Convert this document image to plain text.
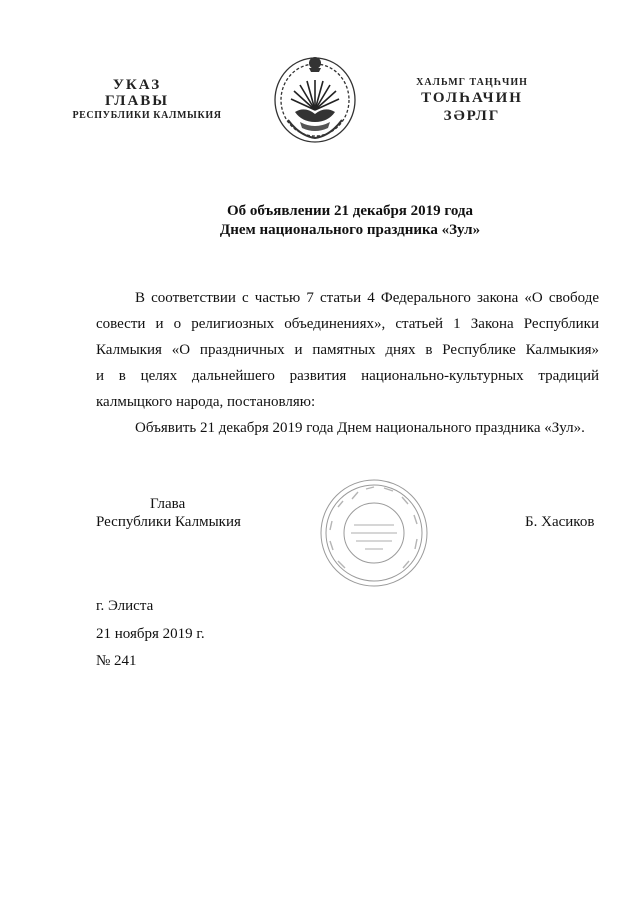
УКАЗ
ГЛАВЫ
РЕСПУБЛИКИ КАЛМЫКИЯ
ХАЛЬМГ ТАҢҺЧИН
ТОЛҺАЧИН
ЗӘРЛГ
Об объявлении 21 декабря 2019 года
Днем национального праздника «Зул»
В соответствии с частью 7 статьи 4 Федерального закона «О свободе
совести и о религиозных объединениях», статьей 1 Закона Республики
Калмыкия «О праздничных и памятных днях в Республике Калмыкия»
и в целях дальнейшего развития национально-культурных традиций
калмыцкого народа, постановляю:
Объявить 21 декабря 2019 года Днем национального праздника «Зул».
Глава
Республики Калмыкия	Б. Хасиков
г. Элиста
21 ноября 2019 г.
№ 241
